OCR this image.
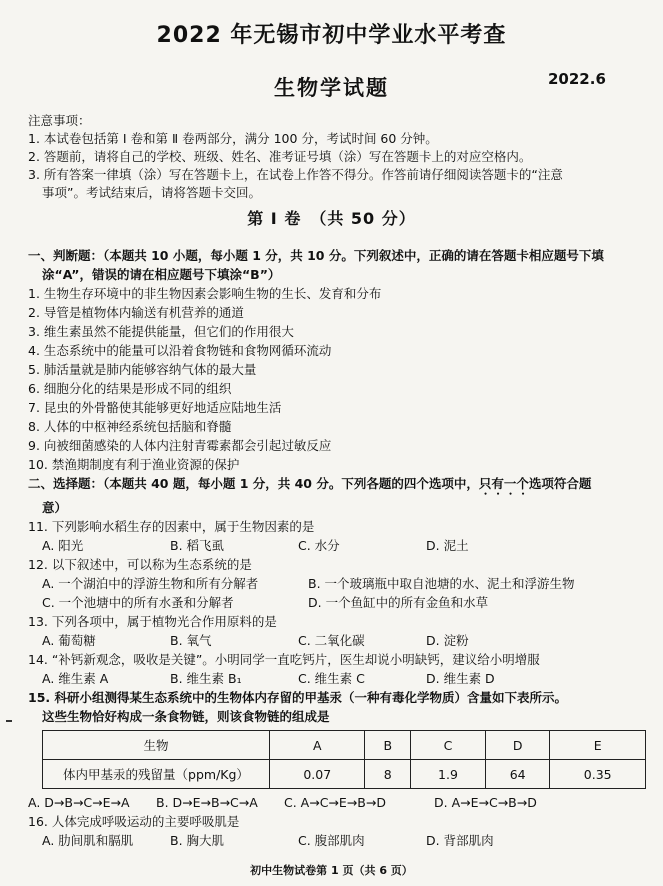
2022 年无锡市初中学业水平考查
生物学试题	2022.6
注意事项：
1. 本试卷包括第 Ⅰ 卷和第 Ⅱ 卷两部分，满分 100 分，考试时间 60 分钟。
2. 答题前，请将自己的学校、班级、姓名、准考证号填（涂）写在答题卡上的对应空格内。
3. 所有答案一律填（涂）写在答题卡上，在试卷上作答不得分。作答前请仔细阅读答题卡的“注意
事项”。考试结束后，请将答题卡交回。
第 Ⅰ 卷　（共 50 分）

一、判断题：（本题共 10 小题，每小题 1 分，共 10 分。下列叙述中，正确的请在答题卡相应题号下填

涂“A”，错误的请在相应题号下填涂“B”）

1. 生物生存环境中的非生物因素会影响生物的生长、发育和分布

2. 导管是植物体内输送有机营养的通道

3. 维生素虽然不能提供能量，但它们的作用很大

4. 生态系统中的能量可以沿着食物链和食物网循环流动

5. 肺活量就是肺内能够容纳气体的最大量

6. 细胞分化的结果是形成不同的组织

7. 昆虫的外骨骼使其能够更好地适应陆地生活

8. 人体的中枢神经系统包括脑和脊髓

9. 向被细菌感染的人体内注射青霉素都会引起过敏反应

10. 禁渔期制度有利于渔业资源的保护

二、选择题：（本题共 40 题，每小题 1 分，共 40 分。下列各题的四个选项中，只有一个选项符合题

意）

11. 下列影响水稻生存的因素中，属于生物因素的是

A. 阳光	B. 稻飞虱	C. 水分	D. 泥土

12. 以下叙述中，可以称为生态系统的是

A. 一个湖泊中的浮游生物和所有分解者	B. 一个玻璃瓶中取自池塘的水、泥土和浮游生物
C. 一个池塘中的所有水蚤和分解者	D. 一个鱼缸中的所有金鱼和水草

13. 下列各项中，属于植物光合作用原料的是

A. 葡萄糖	B. 氧气	C. 二氧化碳	D. 淀粉

14. “补钙新观念，吸收是关键”。小明同学一直吃钙片，医生却说小明缺钙，建议给小明增服

A. 维生素 A	B. 维生素 B₁	C. 维生素 C	D. 维生素 D

15. 科研小组测得某生态系统中的生物体内存留的甲基汞（一种有毒化学物质）含量如下表所示。

这些生物恰好构成一条食物链，则该食物链的组成是

生物	A	B	C	D	E
体内甲基汞的残留量（ppm/Kg）	0.07	8	1.9	64	0.35
A. D→B→C→E→A	B. D→E→B→C→A	C. A→C→E→B→D	D. A→E→C→B→D

16. 人体完成呼吸运动的主要呼吸肌是

A. 肋间肌和膈肌	B. 胸大肌	C. 腹部肌肉	D. 背部肌肉
初中生物试卷第 1 页（共 6 页）
